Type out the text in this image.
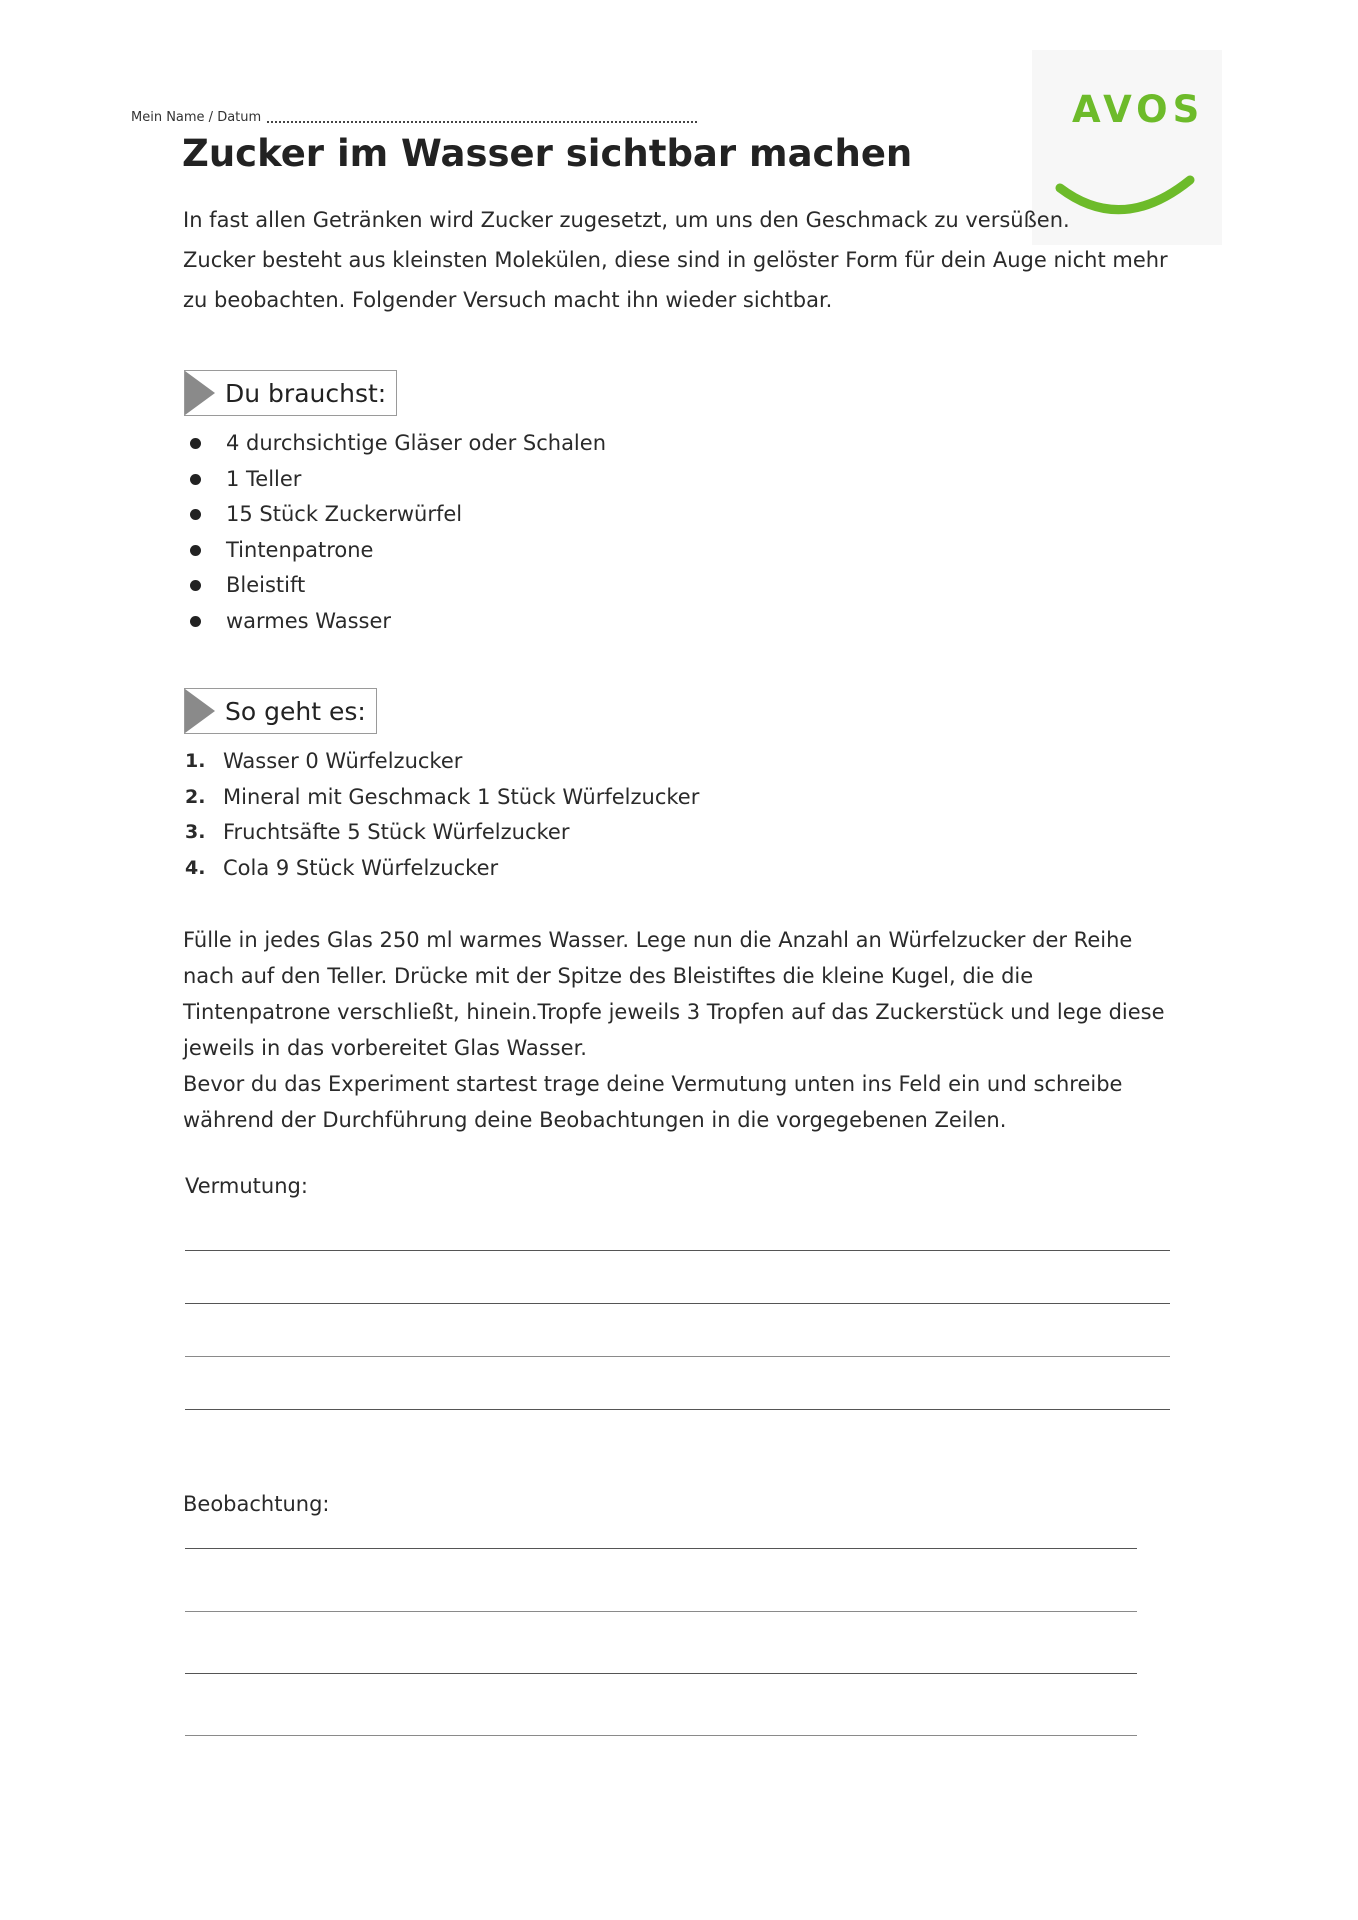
Mein Name / Datum	AVOS
Zucker im Wasser sichtbar machen

In fast allen Getränken wird Zucker zugesetzt, um uns den Geschmack zu versüßen.

Zucker besteht aus kleinsten Molekülen, diese sind in gelöster Form für dein Auge nicht mehr zu beobachten. Folgender Versuch macht ihn wieder sichtbar.

Du brauchst:
4 durchsichtige Gläser oder Schalen
1 Teller
15 Stück Zuckerwürfel
Tintenpatrone
Bleistift
warmes Wasser
So geht es:
1. Wasser 0 Würfelzucker
2. Mineral mit Geschmack 1 Stück Würfelzucker
3. Fruchtsäfte 5 Stück Würfelzucker
4. Cola 9 Stück Würfelzucker

Fülle in jedes Glas 250 ml warmes Wasser. Lege nun die Anzahl an Würfelzucker der Reihe nach auf den Teller. Drücke mit der Spitze des Bleistiftes die kleine Kugel, die die Tintenpatrone verschließt, hinein.Tropfe jeweils 3 Tropfen auf das Zuckerstück und lege diese jeweils in das vorbereitet Glas Wasser.

Bevor du das Experiment startest trage deine Vermutung unten ins Feld ein und schreibe während der Durchführung deine Beobachtungen in die vorgegebenen Zeilen.

Vermutung:
Beobachtung:
